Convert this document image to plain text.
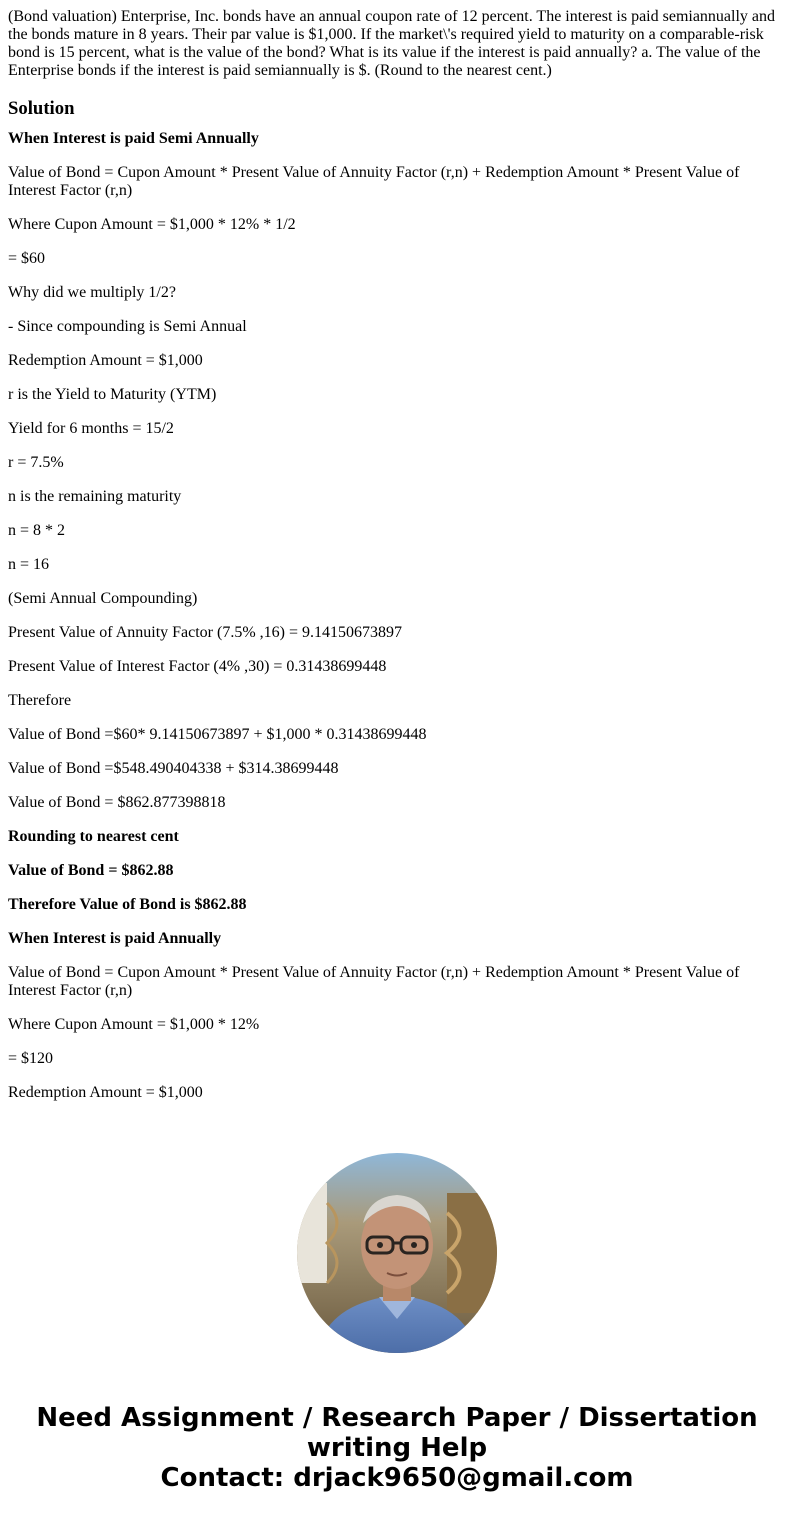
(Bond valuation) Enterprise, Inc. bonds have an annual coupon rate of 12 percent. The interest is paid semiannually and the bonds mature in 8 years. Their par value is $1,000. If the market\'s required yield to maturity on a comparable-risk bond is 15 percent, what is the value of the bond? What is its value if the interest is paid annually? a. The value of the Enterprise bonds if the interest is paid semiannually is $. (Round to the nearest cent.)

Solution

When Interest is paid Semi Annually

Value of Bond = Cupon Amount * Present Value of Annuity Factor (r,n) + Redemption Amount * Present Value of Interest Factor (r,n)

Where Cupon Amount = $1,000 * 12% * 1/2

= $60

Why did we multiply 1/2?

- Since compounding is Semi Annual

Redemption Amount = $1,000

r is the Yield to Maturity (YTM)

Yield for 6 months = 15/2

r = 7.5%

n is the remaining maturity

n = 8 * 2

n = 16

(Semi Annual Compounding)

Present Value of Annuity Factor (7.5% ,16) = 9.14150673897

Present Value of Interest Factor (4% ,30) = 0.31438699448

Therefore

Value of Bond =$60* 9.14150673897 + $1,000 * 0.31438699448

Value of Bond =$548.490404338 + $314.38699448

Value of Bond = $862.877398818

Rounding to nearest cent

Value of Bond = $862.88

Therefore Value of Bond is $862.88

When Interest is paid Annually

Value of Bond = Cupon Amount * Present Value of Annuity Factor (r,n) + Redemption Amount * Present Value of Interest Factor (r,n)

Where Cupon Amount = $1,000 * 12%

= $120

Redemption Amount = $1,000

Need Assignment / Research Paper / Dissertation
writing Help
Contact: drjack9650@gmail.com
